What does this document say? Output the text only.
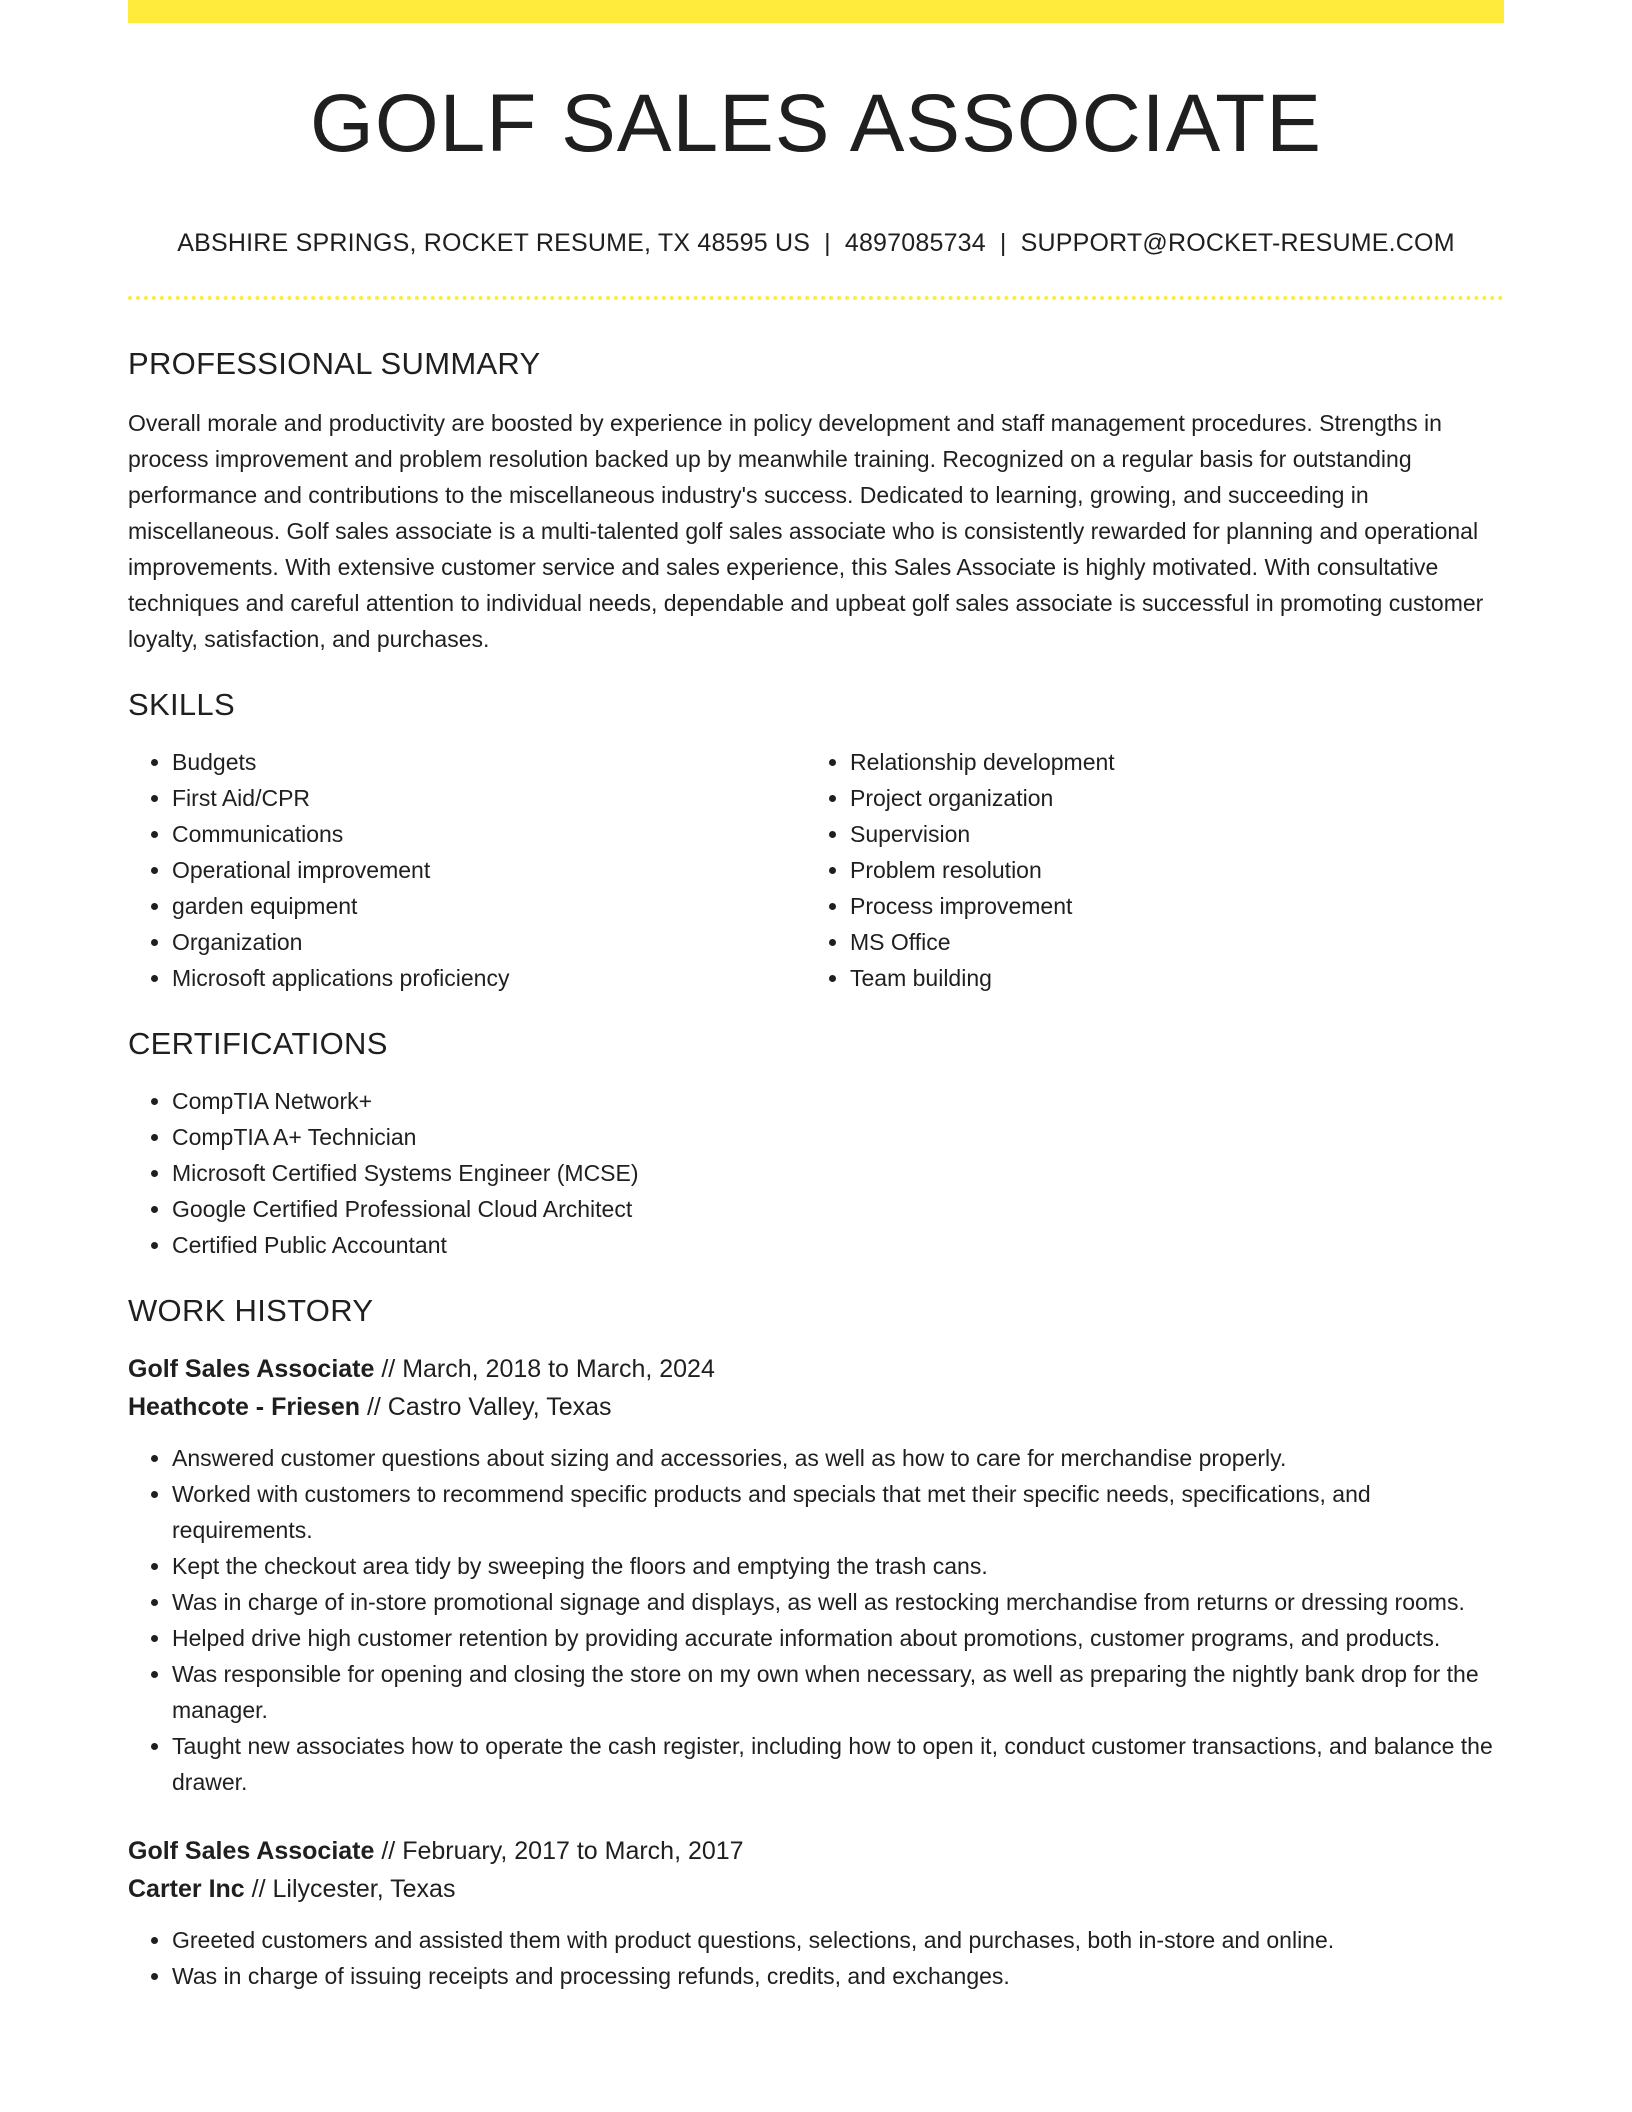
GOLF SALES ASSOCIATE
ABSHIRE SPRINGS, ROCKET RESUME, TX 48595 US | 4897085734 | SUPPORT@ROCKET-RESUME.COM
PROFESSIONAL SUMMARY

Overall morale and productivity are boosted by experience in policy development and staff management procedures. Strengths in process improvement and problem resolution backed up by meanwhile training. Recognized on a regular basis for outstanding performance and contributions to the miscellaneous industry's success. Dedicated to learning, growing, and succeeding in miscellaneous. Golf sales associate is a multi-talented golf sales associate who is consistently rewarded for planning and operational improvements. With extensive customer service and sales experience, this Sales Associate is highly motivated. With consultative techniques and careful attention to individual needs, dependable and upbeat golf sales associate is successful in promoting customer loyalty, satisfaction, and purchases.

SKILLS
• Budgets
• First Aid/CPR
• Communications
• Operational improvement
• garden equipment
• Organization
• Microsoft applications proficiency
• Relationship development
• Project organization
• Supervision
• Problem resolution
• Process improvement
• MS Office
• Team building
CERTIFICATIONS
• CompTIA Network+
• CompTIA A+ Technician
• Microsoft Certified Systems Engineer (MCSE)
• Google Certified Professional Cloud Architect
• Certified Public Accountant
WORK HISTORY
Golf Sales Associate // March, 2018 to March, 2024
Heathcote - Friesen // Castro Valley, Texas
• Answered customer questions about sizing and accessories, as well as how to care for merchandise properly.
• Worked with customers to recommend specific products and specials that met their specific needs, specifications, and requirements.
• Kept the checkout area tidy by sweeping the floors and emptying the trash cans.
• Was in charge of in-store promotional signage and displays, as well as restocking merchandise from returns or dressing rooms.
• Helped drive high customer retention by providing accurate information about promotions, customer programs, and products.
• Was responsible for opening and closing the store on my own when necessary, as well as preparing the nightly bank drop for the manager.
• Taught new associates how to operate the cash register, including how to open it, conduct customer transactions, and balance the drawer.
Golf Sales Associate // February, 2017 to March, 2017
Carter Inc // Lilycester, Texas
• Greeted customers and assisted them with product questions, selections, and purchases, both in-store and online.
• Was in charge of issuing receipts and processing refunds, credits, and exchanges.
